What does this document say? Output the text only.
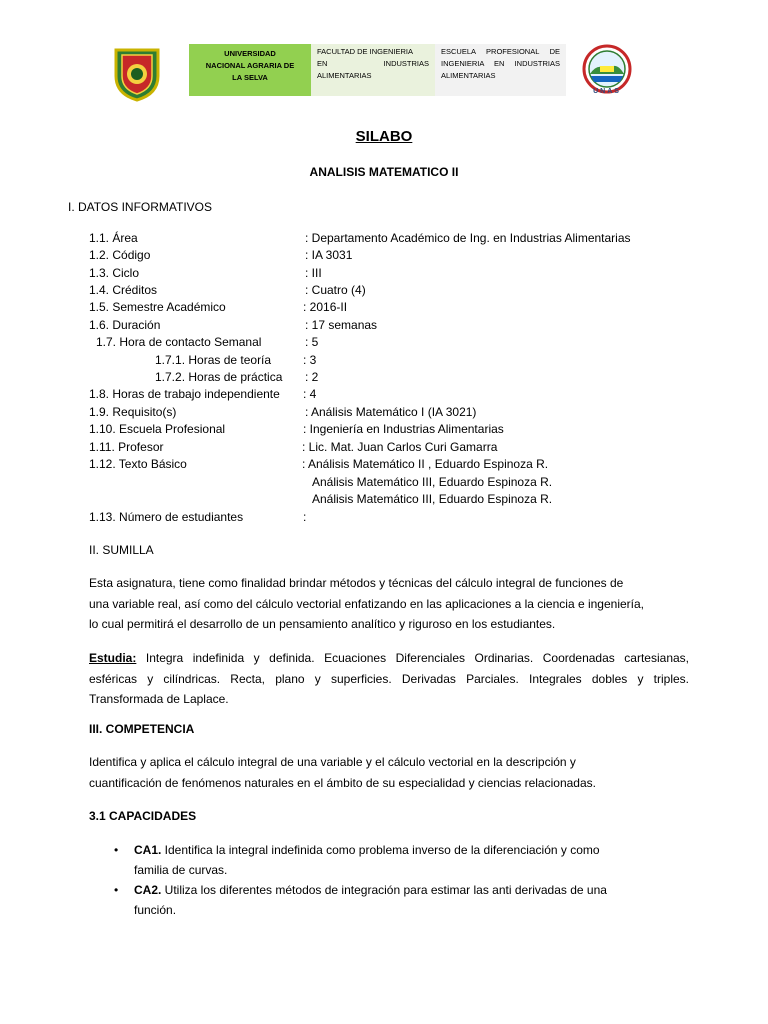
UNIVERSIDAD
NACIONAL AGRARIA DE
LA SELVA
FACULTAD DE INGENIERIA
EN INDUSTRIAS
ALIMENTARIAS
ESCUELA PROFESIONAL DE
INGENIERIA EN INDUSTRIAS
ALIMENTARIAS
UNAS
SILABO
ANALISIS MATEMATICO II
I. DATOS INFORMATIVOS
1.1. Área	: Departamento Académico de Ing. en Industrias Alimentarias
1.2. Código	: IA 3031
1.3. Ciclo	: III
1.4. Créditos	: Cuatro (4)
1.5. Semestre Académico	: 2016-II
1.6. Duración	: 17 semanas
1.7. Hora de contacto Semanal	: 5
1.7.1. Horas de teoría	: 3
1.7.2. Horas de práctica : 2
1.8. Horas de trabajo independiente : 4
1.9. Requisito(s)	: Análisis Matemático I (IA 3021)
1.10. Escuela Profesional	: Ingeniería en Industrias Alimentarias
1.11. Profesor	: Lic. Mat. Juan Carlos Curi Gamarra
1.12. Texto Básico	: Análisis Matemático II , Eduardo Espinoza R.
Análisis Matemático III, Eduardo Espinoza R.
Análisis Matemático III, Eduardo Espinoza R.
1.13. Número de estudiantes	:
II. SUMILLA
Esta asignatura, tiene como finalidad brindar métodos y técnicas del cálculo integral de funciones de
una variable real, así como del cálculo vectorial enfatizando en las aplicaciones a la ciencia e ingeniería,
lo cual permitirá el desarrollo de un pensamiento analítico y riguroso en los estudiantes.
Estudia: Integra indefinida y definida. Ecuaciones Diferenciales Ordinarias. Coordenadas cartesianas,
esféricas y cilíndricas. Recta, plano y superficies. Derivadas Parciales. Integrales dobles y triples.
Transformada de Laplace.
III. COMPETENCIA
Identifica y aplica el cálculo integral de una variable y el cálculo vectorial en la descripción y
cuantificación de fenómenos naturales en el ámbito de su especialidad y ciencias relacionadas.
3.1 CAPACIDADES
• CA1. Identifica la integral indefinida como problema inverso de la diferenciación y como
familia de curvas.
• CA2. Utiliza los diferentes métodos de integración para estimar las anti derivadas de una
función.
